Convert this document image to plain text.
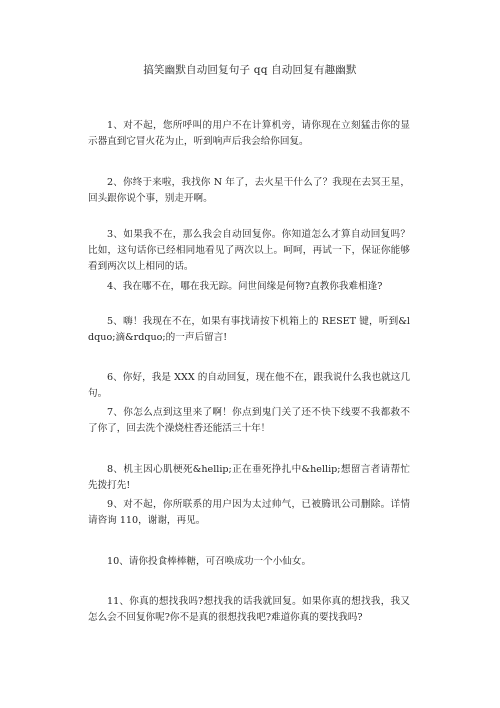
搞笑幽默自动回复句子 qq 自动回复有趣幽默

1、对不起，您所呼叫的用户不在计算机旁，请你现在立刻猛击你的显示器直到它冒火花为止，听到响声后我会给你回复。

2、你终于来啦，我找你 N 年了，去火星干什么了？我现在去冥王星，回头跟你说个事，别走开啊。

3、如果我不在，那么我会自动回复你。你知道怎么才算自动回复吗？比如，这句话你已经相同地看见了两次以上。呵呵，再试一下，保证你能够看到两次以上相同的话。

4、我在哪不在，哪在我无踪。问世间缘是何物?直教你我难相逢?

5、嗨！我现在不在，如果有事找请按下机箱上的 RESET 键，听到&ldquo;滴&rdquo;的一声后留言!

6、你好，我是 XXX 的自动回复，现在他不在，跟我说什么我也就这几句。

7、你怎么点到这里来了啊！你点到鬼门关了还不快下线要不我都救不了你了，回去洗个澡烧柱香还能活三十年！

8、机主因心肌梗死&hellip;正在垂死挣扎中&hellip;想留言者请帮忙先拨打先!

9、对不起，你所联系的用户因为太过帅气，已被腾讯公司删除。详情请咨询 110，谢谢，再见。

10、请你投食棒棒糖，可召唤成功一个小仙女。

11、你真的想找我吗?想找我的话我就回复。如果你真的想找我，我又怎么会不回复你呢?你不是真的很想找我吧?难道你真的要找我吗?
